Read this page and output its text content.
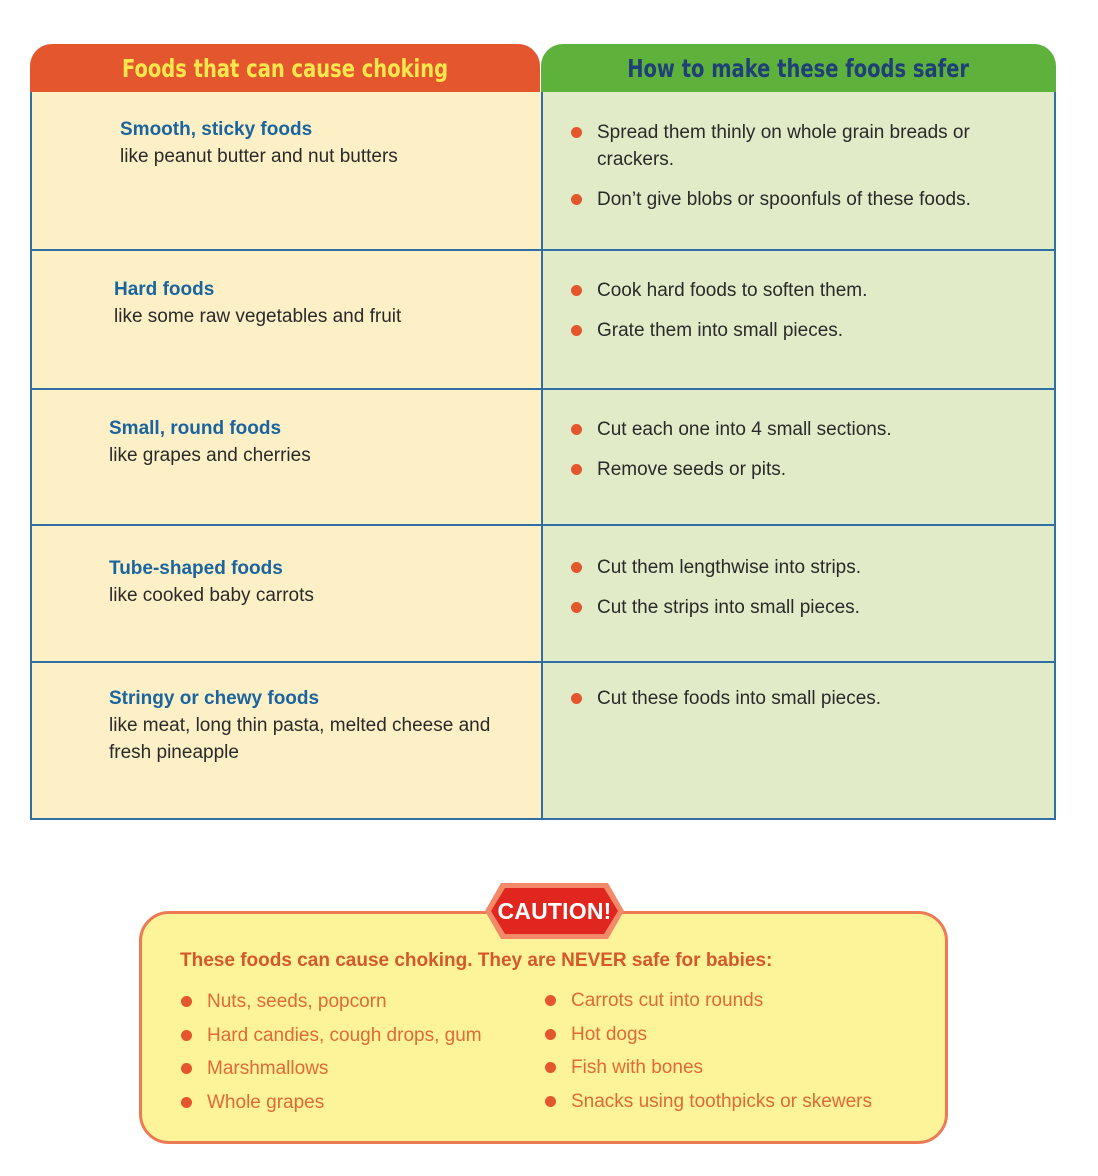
Foods that can cause choking	How to make these foods safer
Smooth, sticky foods
like peanut butter and nut butters
Spread them thinly on whole grain breads or crackers.
Don’t give blobs or spoonfuls of these foods.
Hard foods
like some raw vegetables and fruit
Cook hard foods to soften them.
Grate them into small pieces.
Small, round foods
like grapes and cherries
Cut each one into 4 small sections.
Remove seeds or pits.
Tube-shaped foods
like cooked baby carrots
Cut them lengthwise into strips.
Cut the strips into small pieces.
Stringy or chewy foods
like meat, long thin pasta, melted cheese and fresh pineapple
Cut these foods into small pieces.
CAUTION!
These foods can cause choking. They are NEVER safe for babies:
Nuts, seeds, popcorn
Hard candies, cough drops, gum
Marshmallows
Whole grapes
Carrots cut into rounds
Hot dogs
Fish with bones
Snacks using toothpicks or skewers
